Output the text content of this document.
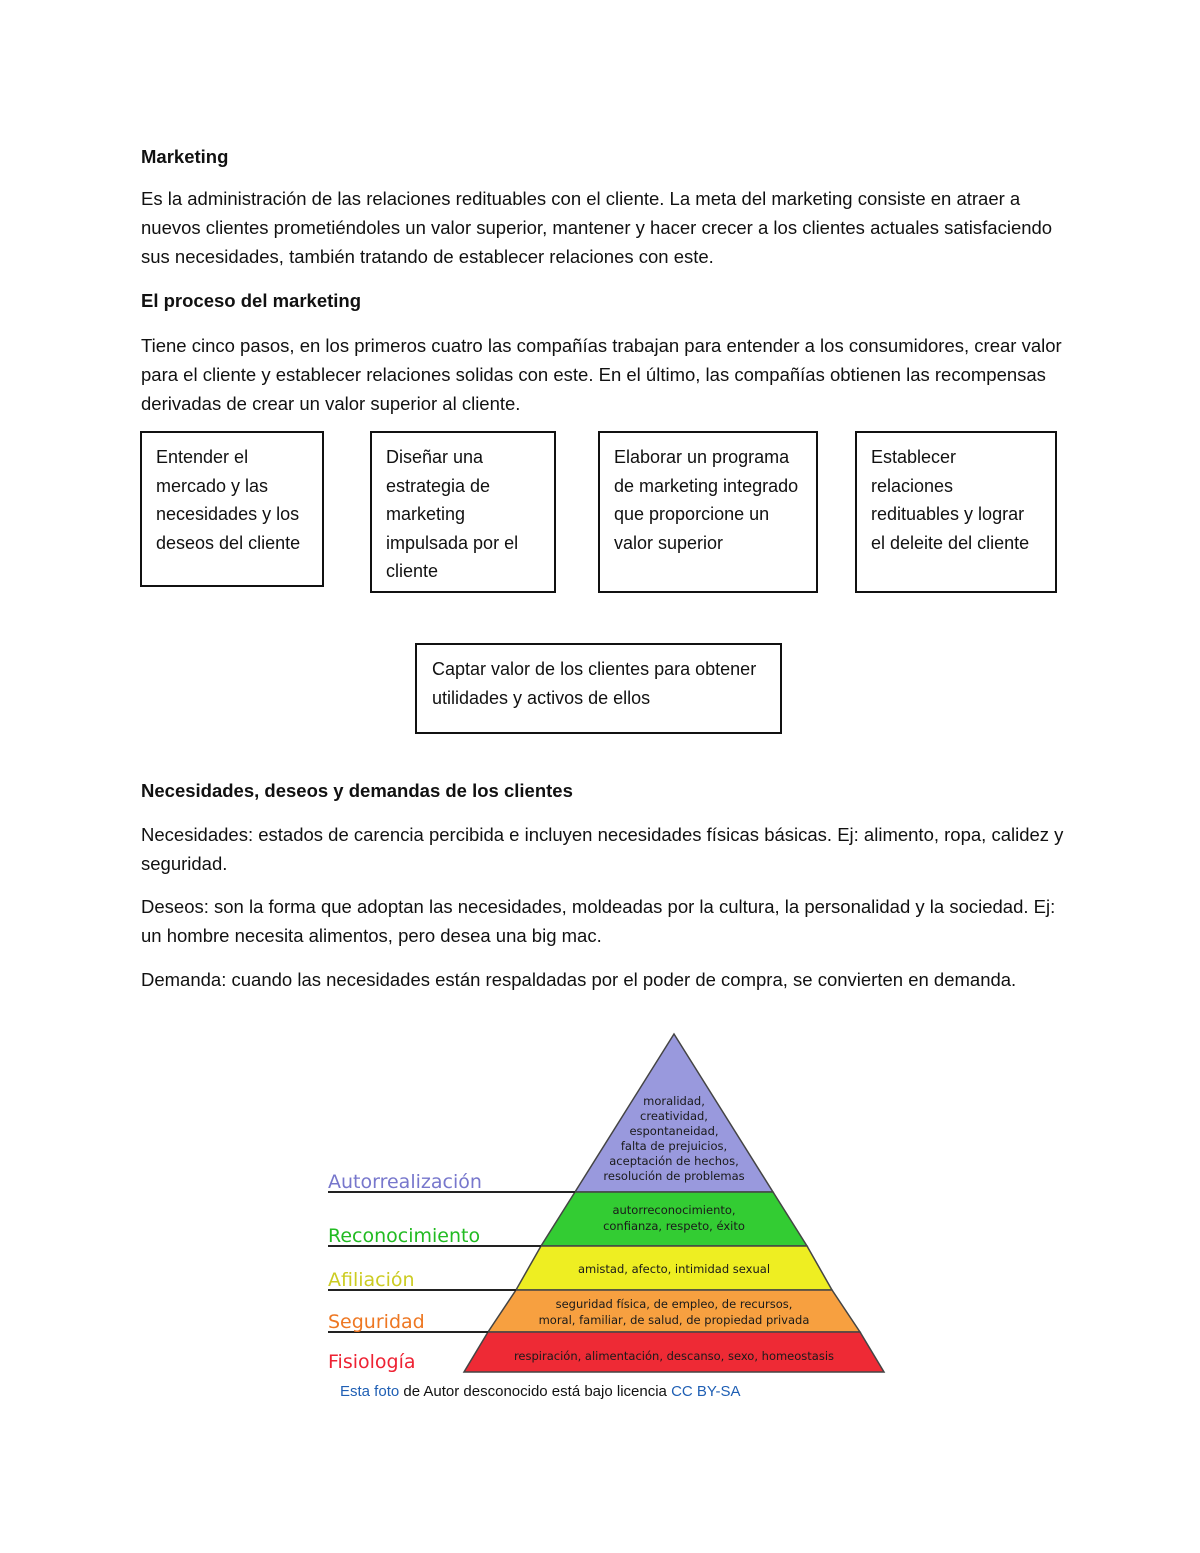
Marketing

Es la administración de las relaciones redituables con el cliente. La meta del marketing consiste en atraer a nuevos clientes prometiéndoles un valor superior, mantener y hacer crecer a los clientes actuales satisfaciendo sus necesidades, también tratando de establecer relaciones con este.

El proceso del marketing

Tiene cinco pasos, en los primeros cuatro las compañías trabajan para entender a los consumidores, crear valor para el cliente y establecer relaciones solidas con este. En el último, las compañías obtienen las recompensas derivadas de crear un valor superior al cliente.

Entender el mercado y las necesidades y los deseos del cliente
Diseñar una estrategia de marketing impulsada por el cliente
Elaborar un programa de marketing integrado que proporcione un valor superior
Establecer relaciones redituables y lograr el deleite del cliente
Captar valor de los clientes para obtener utilidades y activos de ellos

Necesidades, deseos y demandas de los clientes

Necesidades: estados de carencia percibida e incluyen necesidades físicas básicas. Ej: alimento, ropa, calidez y seguridad.

Deseos: son la forma que adoptan las necesidades, moldeadas por la cultura, la personalidad y la sociedad. Ej: un hombre necesita alimentos, pero desea una big mac.

Demanda: cuando las necesidades están respaldadas por el poder de compra, se convierten en demanda.

Autorrealización
Reconocimiento
Afiliación
Seguridad
Fisiología
moralidad,
creatividad,
espontaneidad,
falta de prejuicios,
aceptación de hechos,
resolución de problemas
autorreconocimiento,
confianza, respeto, éxito
amistad, afecto, intimidad sexual
seguridad física, de empleo, de recursos,
moral, familiar, de salud, de propiedad privada
respiración, alimentación, descanso, sexo, homeostasis
Esta foto de Autor desconocido está bajo licencia CC BY-SA
